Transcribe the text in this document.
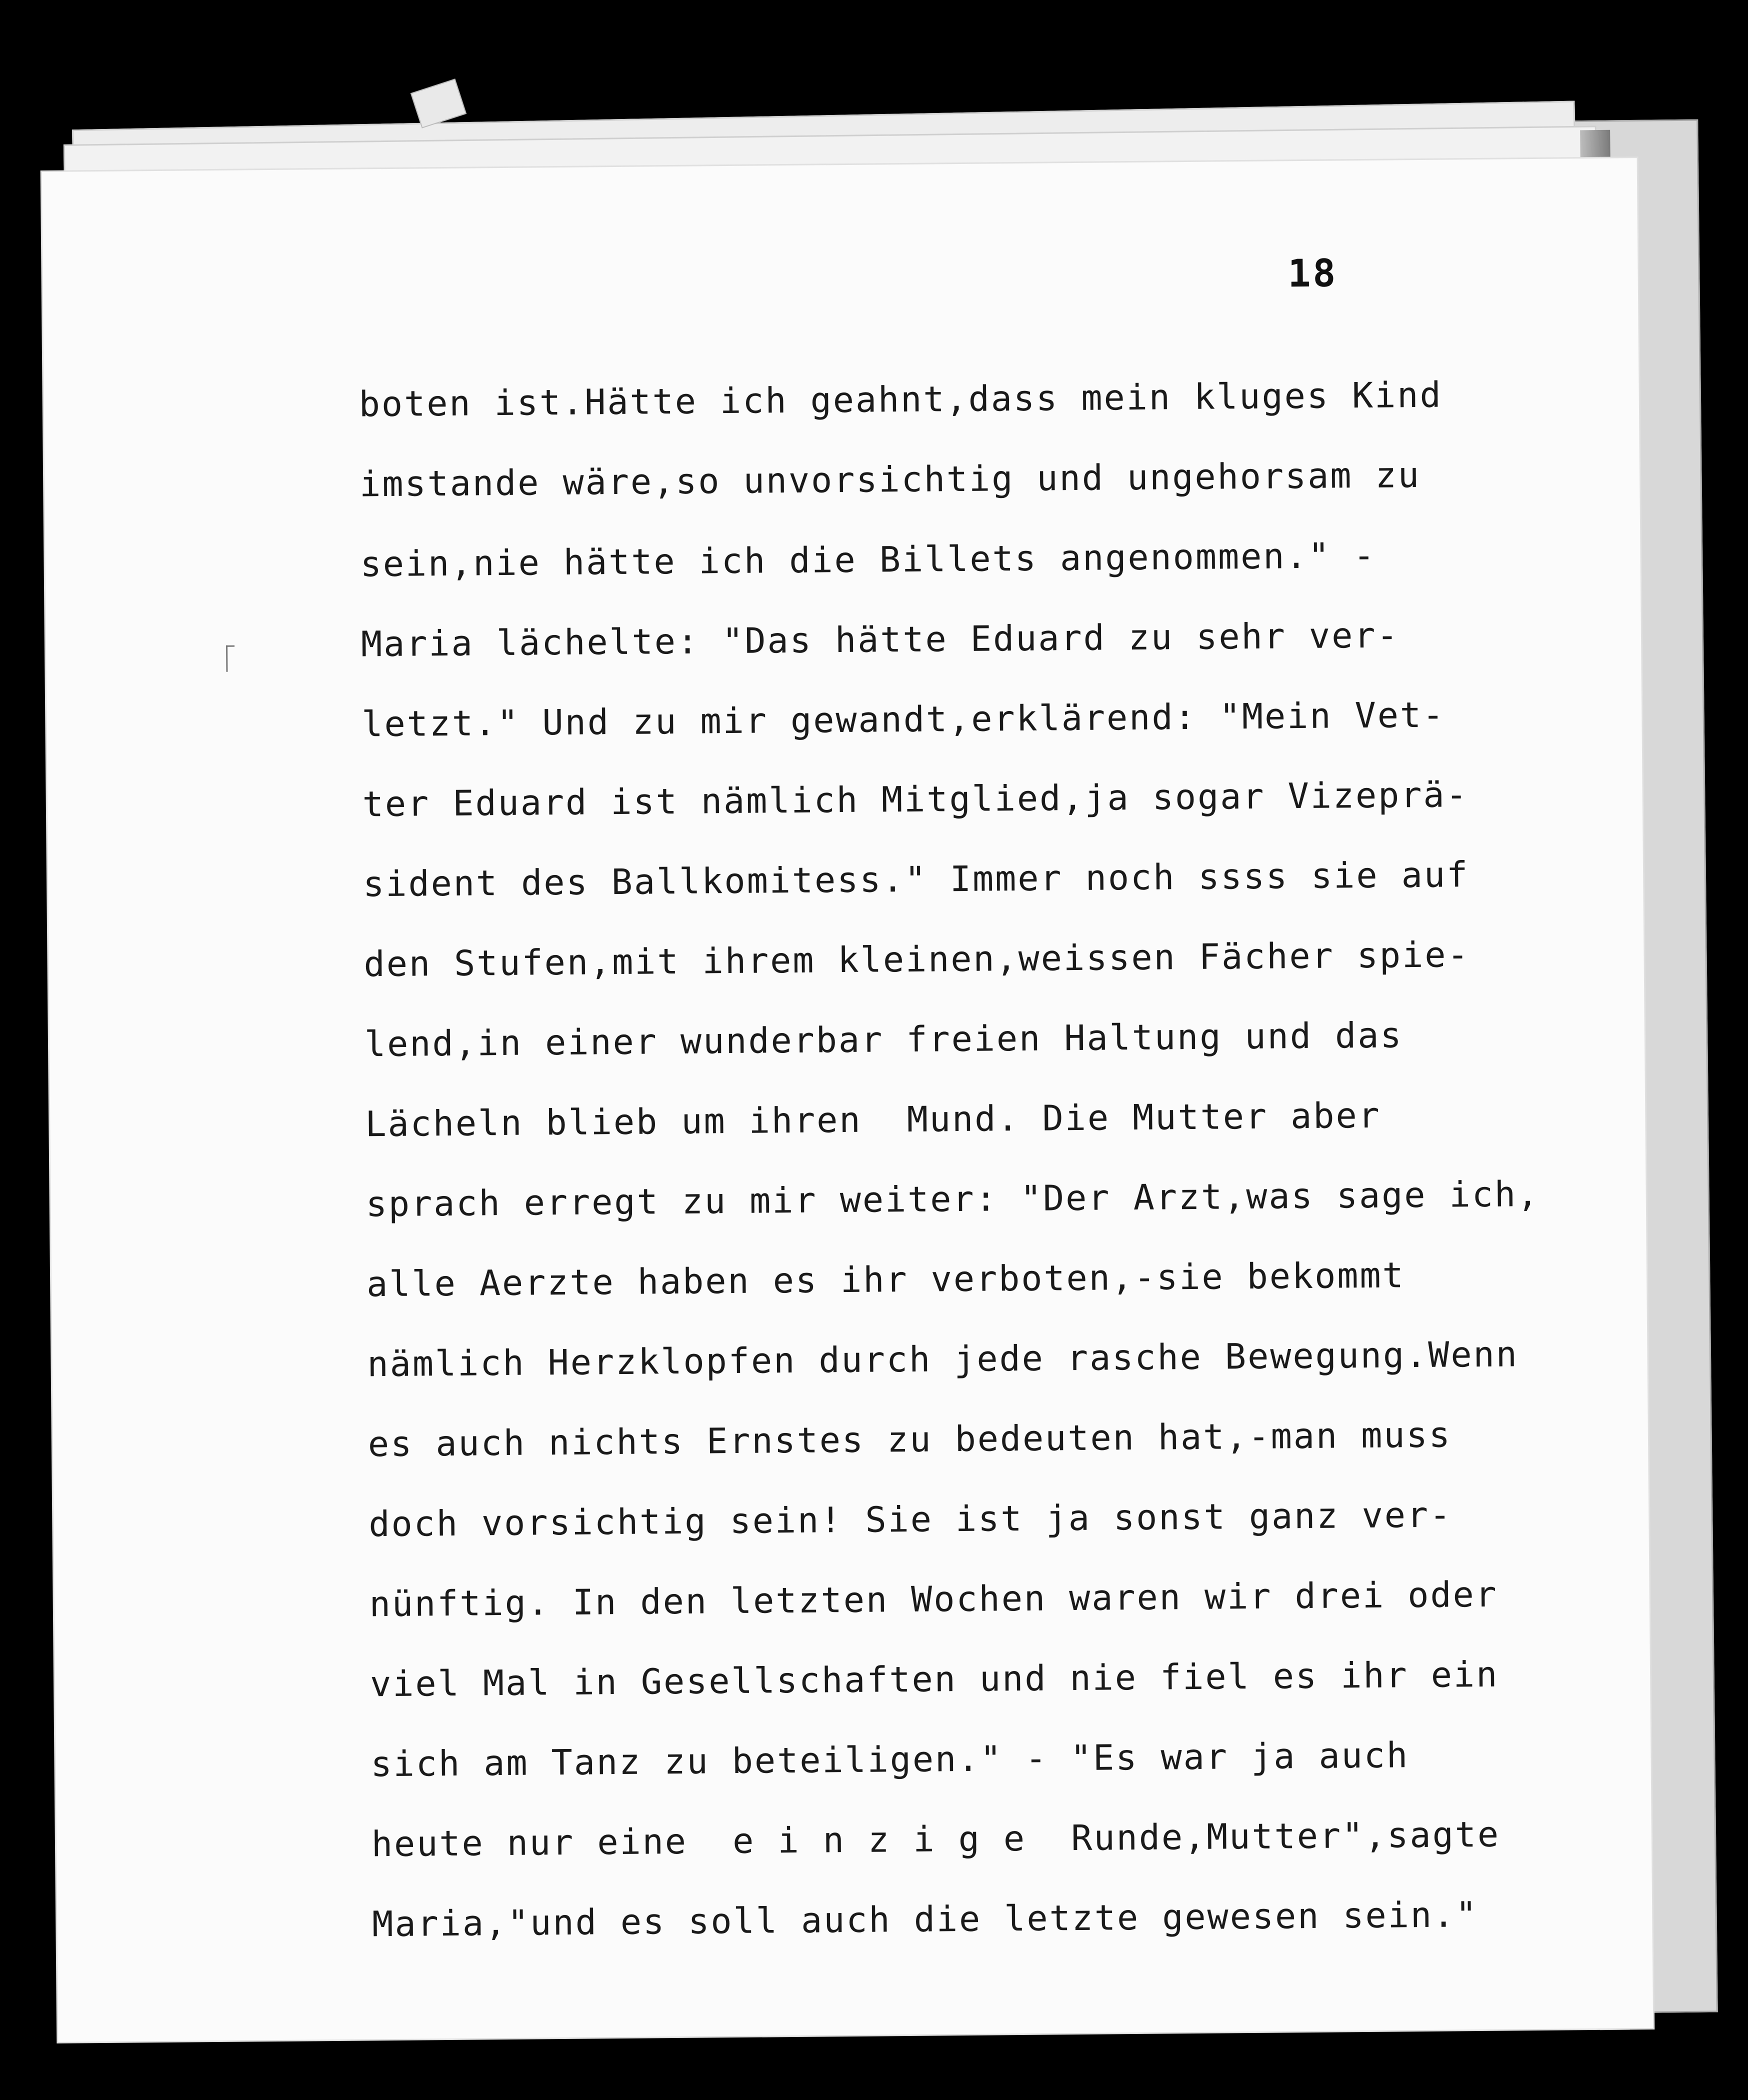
18
boten ist.Hätte ich geahnt,dass mein kluges Kind
imstande wäre,so unvorsichtig und ungehorsam zu
sein,nie hätte ich die Billets angenommen." -
Maria lächelte: "Das hätte Eduard zu sehr ver-
letzt." Und zu mir gewandt,erklärend: "Mein Vet-
ter Eduard ist nämlich Mitglied,ja sogar Vizeprä-
sident des Ballkomitess." Immer noch ssss sie auf
den Stufen,mit ihrem kleinen,weissen Fächer spie-
lend,in einer wunderbar freien Haltung und das
Lächeln blieb um ihren  Mund. Die Mutter aber
sprach erregt zu mir weiter: "Der Arzt,was sage ich,
alle Aerzte haben es ihr verboten,-sie bekommt
nämlich Herzklopfen durch jede rasche Bewegung.Wenn
es auch nichts Ernstes zu bedeuten hat,-man muss
doch vorsichtig sein! Sie ist ja sonst ganz ver-
nünftig. In den letzten Wochen waren wir drei oder
viel Mal in Gesellschaften und nie fiel es ihr ein
sich am Tanz zu beteiligen." - "Es war ja auch
heute nur eine  e i n z i g e  Runde,Mutter",sagte
Maria,"und es soll auch die letzte gewesen sein."
